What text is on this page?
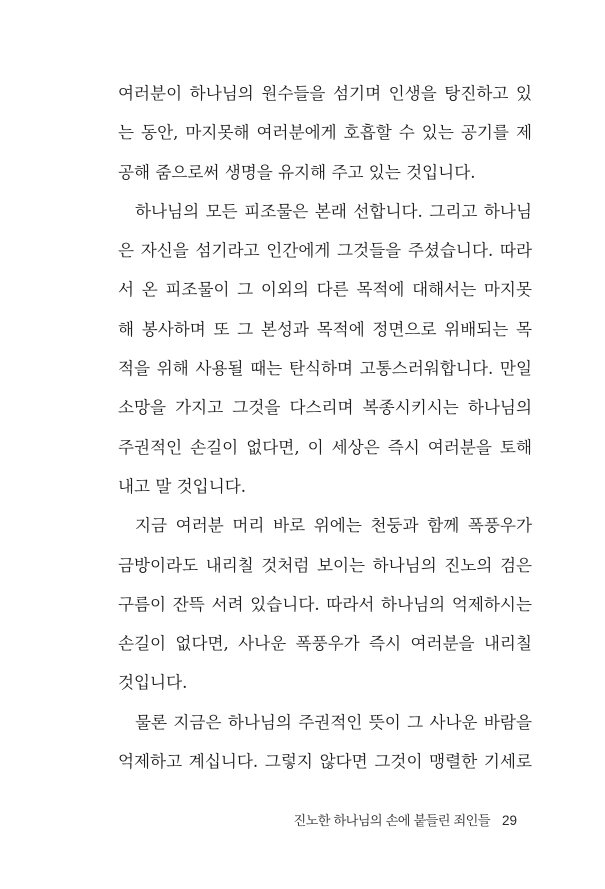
여러분이 하나님의 원수들을 섬기며 인생을 탕진하고 있
는 동안, 마지못해 여러분에게 호흡할 수 있는 공기를 제
공해 줌으로써 생명을 유지해 주고 있는 것입니다.
하나님의 모든 피조물은 본래 선합니다. 그리고 하나님
은 자신을 섬기라고 인간에게 그것들을 주셨습니다. 따라
서 온 피조물이 그 이외의 다른 목적에 대해서는 마지못
해 봉사하며 또 그 본성과 목적에 정면으로 위배되는 목
적을 위해 사용될 때는 탄식하며 고통스러워합니다. 만일
소망을 가지고 그것을 다스리며 복종시키시는 하나님의
주권적인 손길이 없다면, 이 세상은 즉시 여러분을 토해
내고 말 것입니다.
지금 여러분 머리 바로 위에는 천둥과 함께 폭풍우가
금방이라도 내리칠 것처럼 보이는 하나님의 진노의 검은
구름이 잔뜩 서려 있습니다. 따라서 하나님의 억제하시는
손길이 없다면, 사나운 폭풍우가 즉시 여러분을 내리칠
것입니다.
물론 지금은 하나님의 주권적인 뜻이 그 사나운 바람을
억제하고 계십니다. 그렇지 않다면 그것이 맹렬한 기세로
진노한 하나님의 손에 붙들린 죄인들 29
